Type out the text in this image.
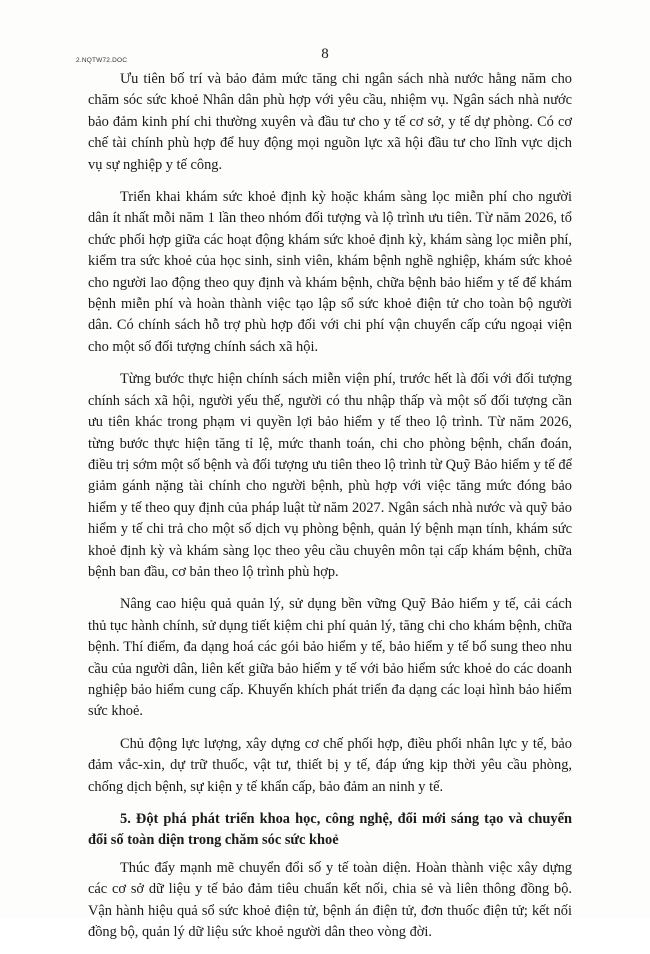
2.NQTW72.DOC	8

Ưu tiên bố trí và bảo đảm mức tăng chi ngân sách nhà nước hằng năm cho chăm sóc sức khoẻ Nhân dân phù hợp với yêu cầu, nhiệm vụ. Ngân sách nhà nước bảo đảm kinh phí chi thường xuyên và đầu tư cho y tế cơ sở, y tế dự phòng. Có cơ chế tài chính phù hợp để huy động mọi nguồn lực xã hội đầu tư cho lĩnh vực dịch vụ sự nghiệp y tế công.

Triển khai khám sức khoẻ định kỳ hoặc khám sàng lọc miễn phí cho người dân ít nhất mỗi năm 1 lần theo nhóm đối tượng và lộ trình ưu tiên. Từ năm 2026, tổ chức phối hợp giữa các hoạt động khám sức khoẻ định kỳ, khám sàng lọc miễn phí, kiểm tra sức khoẻ của học sinh, sinh viên, khám bệnh nghề nghiệp, khám sức khoẻ cho người lao động theo quy định và khám bệnh, chữa bệnh bảo hiểm y tế để khám bệnh miễn phí và hoàn thành việc tạo lập sổ sức khoẻ điện tử cho toàn bộ người dân. Có chính sách hỗ trợ phù hợp đối với chi phí vận chuyển cấp cứu ngoại viện cho một số đối tượng chính sách xã hội.

Từng bước thực hiện chính sách miễn viện phí, trước hết là đối với đối tượng chính sách xã hội, người yếu thế, người có thu nhập thấp và một số đối tượng cần ưu tiên khác trong phạm vi quyền lợi bảo hiểm y tế theo lộ trình. Từ năm 2026, từng bước thực hiện tăng tỉ lệ, mức thanh toán, chi cho phòng bệnh, chẩn đoán, điều trị sớm một số bệnh và đối tượng ưu tiên theo lộ trình từ Quỹ Bảo hiểm y tế để giảm gánh nặng tài chính cho người bệnh, phù hợp với việc tăng mức đóng bảo hiểm y tế theo quy định của pháp luật từ năm 2027. Ngân sách nhà nước và quỹ bảo hiểm y tế chi trả cho một số dịch vụ phòng bệnh, quản lý bệnh mạn tính, khám sức khoẻ định kỳ và khám sàng lọc theo yêu cầu chuyên môn tại cấp khám bệnh, chữa bệnh ban đầu, cơ bản theo lộ trình phù hợp.

Nâng cao hiệu quả quản lý, sử dụng bền vững Quỹ Bảo hiểm y tế, cải cách thủ tục hành chính, sử dụng tiết kiệm chi phí quản lý, tăng chi cho khám bệnh, chữa bệnh. Thí điểm, đa dạng hoá các gói bảo hiểm y tế, bảo hiểm y tế bổ sung theo nhu cầu của người dân, liên kết giữa bảo hiểm y tế với bảo hiểm sức khoẻ do các doanh nghiệp bảo hiểm cung cấp. Khuyến khích phát triển đa dạng các loại hình bảo hiểm sức khoẻ.

Chủ động lực lượng, xây dựng cơ chế phối hợp, điều phối nhân lực y tế, bảo đảm vắc-xin, dự trữ thuốc, vật tư, thiết bị y tế, đáp ứng kịp thời yêu cầu phòng, chống dịch bệnh, sự kiện y tế khẩn cấp, bảo đảm an ninh y tế.

5. Đột phá phát triển khoa học, công nghệ, đổi mới sáng tạo và chuyển đổi số toàn diện trong chăm sóc sức khoẻ

Thúc đẩy mạnh mẽ chuyển đổi số y tế toàn diện. Hoàn thành việc xây dựng các cơ sở dữ liệu y tế bảo đảm tiêu chuẩn kết nối, chia sẻ và liên thông đồng bộ. Vận hành hiệu quả sổ sức khoẻ điện tử, bệnh án điện tử, đơn thuốc điện tử; kết nối đồng bộ, quản lý dữ liệu sức khoẻ người dân theo vòng đời.
